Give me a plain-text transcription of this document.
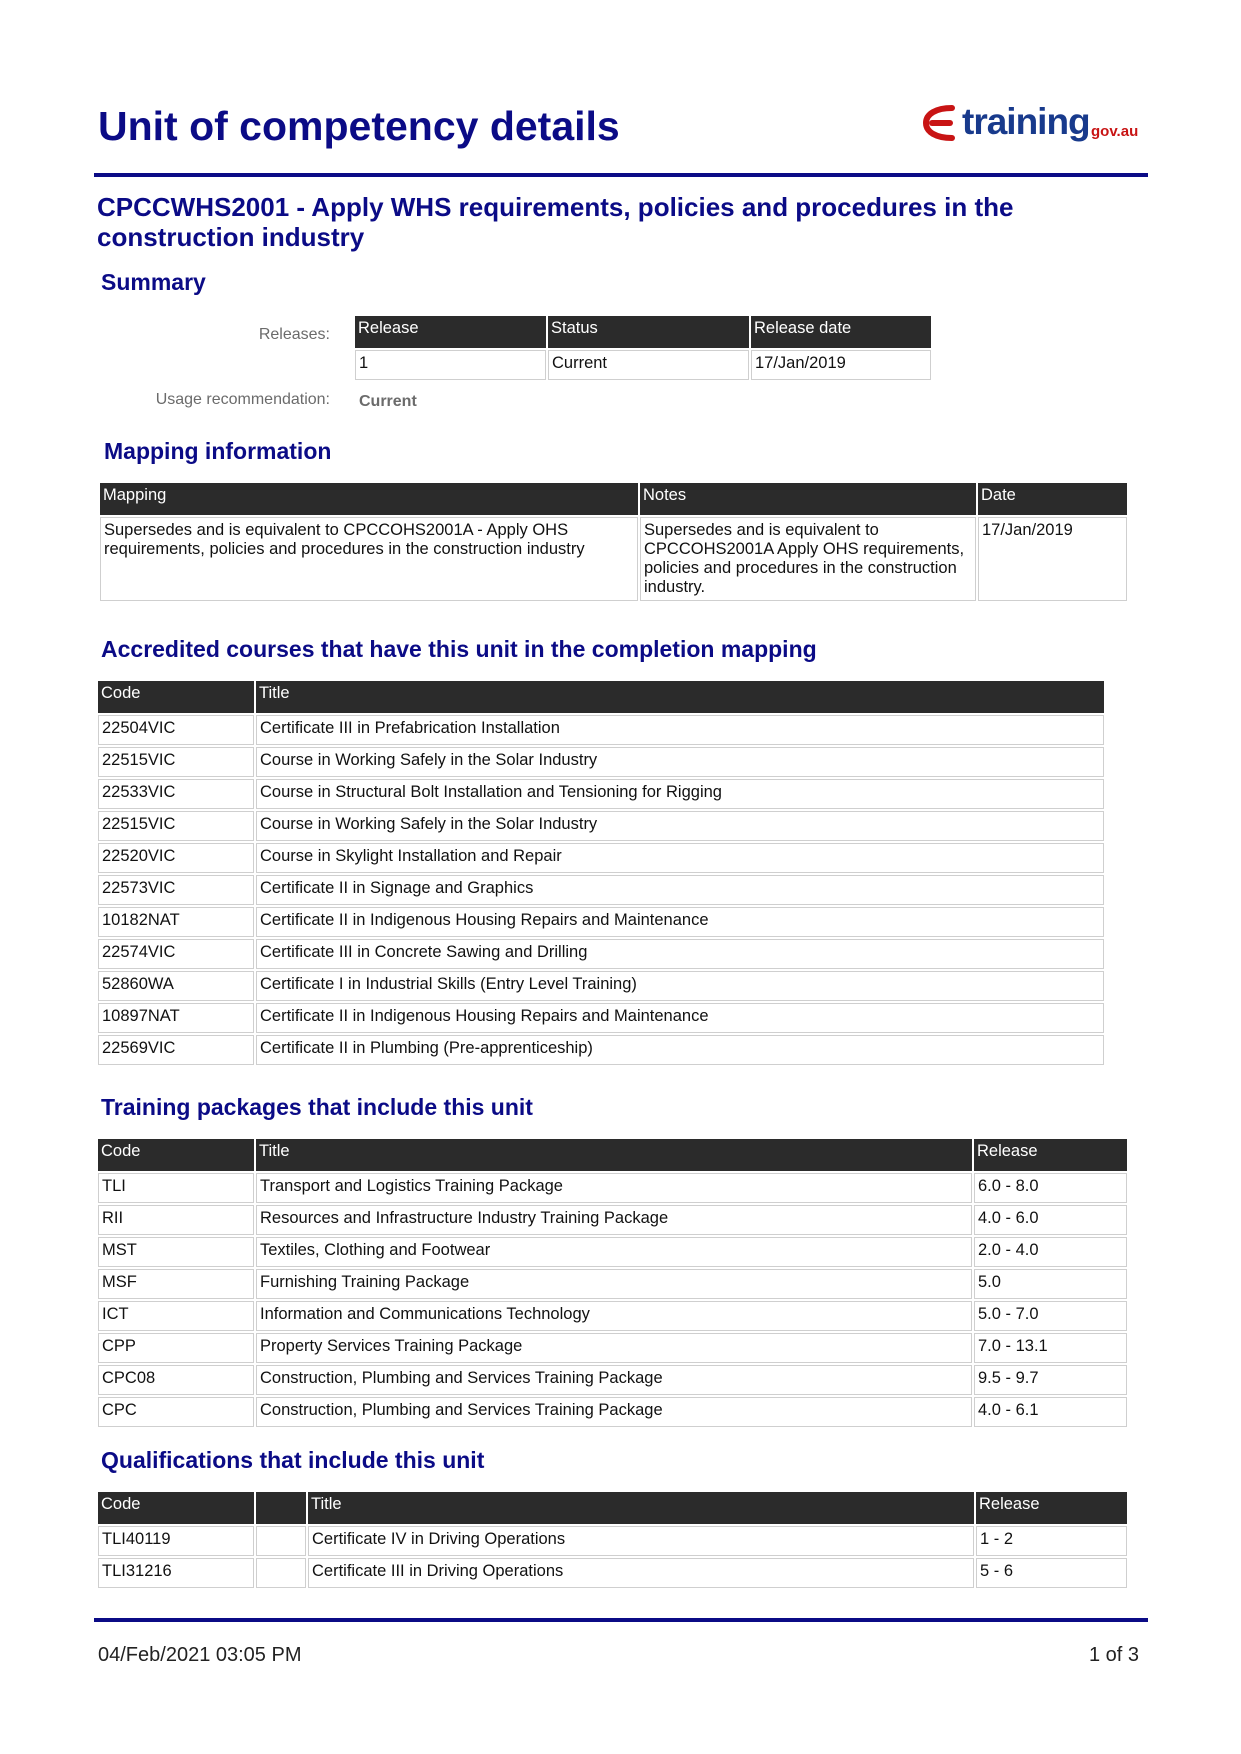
Unit of competency details	training gov.au
CPCCWHS2001 - Apply WHS requirements, policies and procedures in the construction industry
Summary
Releases: Release	Status	Release date
1	Current	17/Jan/2019
Usage recommendation: Current
Mapping information
Mapping	Notes	Date
Supersedes and is equivalent to CPCCOHS2001A - Apply OHS requirements, policies and procedures in the construction industry	Supersedes and is equivalent to CPCCOHS2001A Apply OHS requirements, policies and procedures in the construction industry.	17/Jan/2019
Accredited courses that have this unit in the completion mapping
Code	Title
22504VIC	Certificate III in Prefabrication Installation
22515VIC	Course in Working Safely in the Solar Industry
22533VIC	Course in Structural Bolt Installation and Tensioning for Rigging
22515VIC	Course in Working Safely in the Solar Industry
22520VIC	Course in Skylight Installation and Repair
22573VIC	Certificate II in Signage and Graphics
10182NAT	Certificate II in Indigenous Housing Repairs and Maintenance
22574VIC	Certificate III in Concrete Sawing and Drilling
52860WA	Certificate I in Industrial Skills (Entry Level Training)
10897NAT	Certificate II in Indigenous Housing Repairs and Maintenance
22569VIC	Certificate II in Plumbing (Pre-apprenticeship)
Training packages that include this unit
Code	Title	Release
TLI	Transport and Logistics Training Package	6.0 - 8.0
RII	Resources and Infrastructure Industry Training Package	4.0 - 6.0
MST	Textiles, Clothing and Footwear	2.0 - 4.0
MSF	Furnishing Training Package	5.0
ICT	Information and Communications Technology	5.0 - 7.0
CPP	Property Services Training Package	7.0 - 13.1
CPC08	Construction, Plumbing and Services Training Package	9.5 - 9.7
CPC	Construction, Plumbing and Services Training Package	4.0 - 6.1
Qualifications that include this unit
Code		Title	Release
TLI40119		Certificate IV in Driving Operations	1 - 2
TLI31216		Certificate III in Driving Operations	5 - 6
04/Feb/2021 03:05 PM	1 of 3
